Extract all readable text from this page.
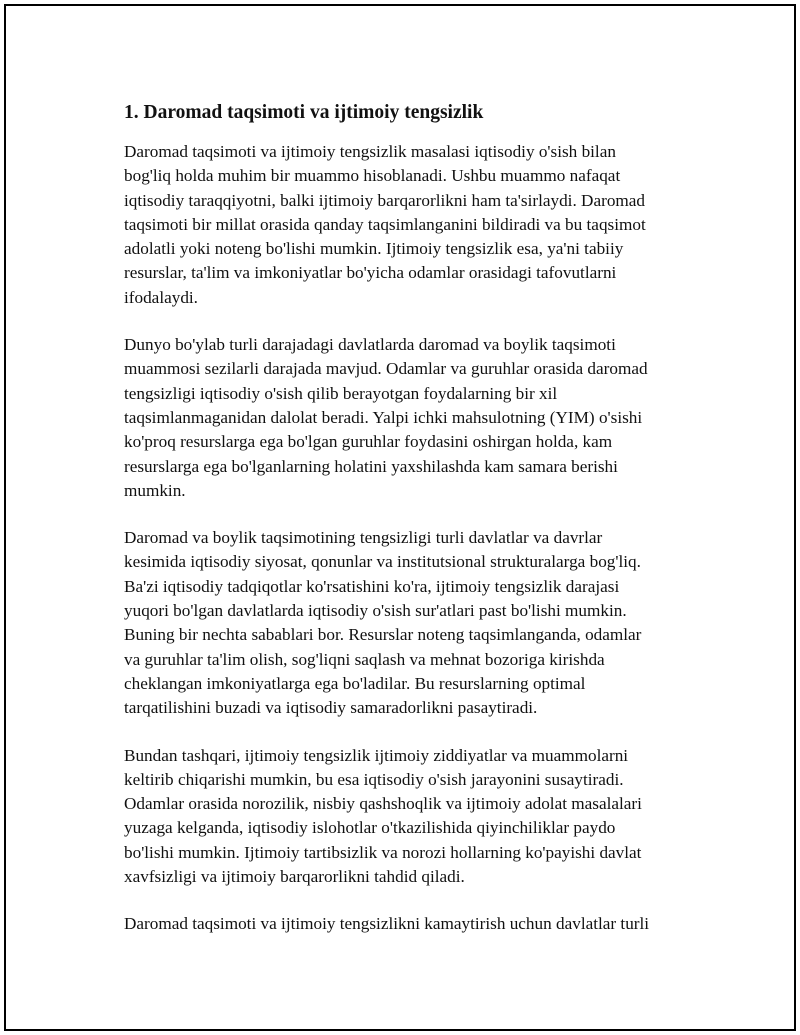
1. Daromad taqsimoti va ijtimoiy tengsizlik

Daromad taqsimoti va ijtimoiy tengsizlik masalasi iqtisodiy o'sish bilan
bog'liq holda muhim bir muammo hisoblanadi. Ushbu muammo nafaqat
iqtisodiy taraqqiyotni, balki ijtimoiy barqarorlikni ham ta'sirlaydi. Daromad
taqsimoti bir millat orasida qanday taqsimlanganini bildiradi va bu taqsimot
adolatli yoki noteng bo'lishi mumkin. Ijtimoiy tengsizlik esa, ya'ni tabiiy
resurslar, ta'lim va imkoniyatlar bo'yicha odamlar orasidagi tafovutlarni
ifodalaydi.

Dunyo bo'ylab turli darajadagi davlatlarda daromad va boylik taqsimoti
muammosi sezilarli darajada mavjud. Odamlar va guruhlar orasida daromad
tengsizligi iqtisodiy o'sish qilib berayotgan foydalarning bir xil
taqsimlanmaganidan dalolat beradi. Yalpi ichki mahsulotning (YIM) o'sishi
ko'proq resurslarga ega bo'lgan guruhlar foydasini oshirgan holda, kam
resurslarga ega bo'lganlarning holatini yaxshilashda kam samara berishi
mumkin.

Daromad va boylik taqsimotining tengsizligi turli davlatlar va davrlar
kesimida iqtisodiy siyosat, qonunlar va institutsional strukturalarga bog'liq.
Ba'zi iqtisodiy tadqiqotlar ko'rsatishini ko'ra, ijtimoiy tengsizlik darajasi
yuqori bo'lgan davlatlarda iqtisodiy o'sish sur'atlari past bo'lishi mumkin.
Buning bir nechta sabablari bor. Resurslar noteng taqsimlanganda, odamlar
va guruhlar ta'lim olish, sog'liqni saqlash va mehnat bozoriga kirishda
cheklangan imkoniyatlarga ega bo'ladilar. Bu resurslarning optimal
tarqatilishini buzadi va iqtisodiy samaradorlikni pasaytiradi.

Bundan tashqari, ijtimoiy tengsizlik ijtimoiy ziddiyatlar va muammolarni
keltirib chiqarishi mumkin, bu esa iqtisodiy o'sish jarayonini susaytiradi.
Odamlar orasida norozilik, nisbiy qashshoqlik va ijtimoiy adolat masalalari
yuzaga kelganda, iqtisodiy islohotlar o'tkazilishida qiyinchiliklar paydo
bo'lishi mumkin. Ijtimoiy tartibsizlik va norozi hollarning ko'payishi davlat
xavfsizligi va ijtimoiy barqarorlikni tahdid qiladi.

Daromad taqsimoti va ijtimoiy tengsizlikni kamaytirish uchun davlatlar turli
